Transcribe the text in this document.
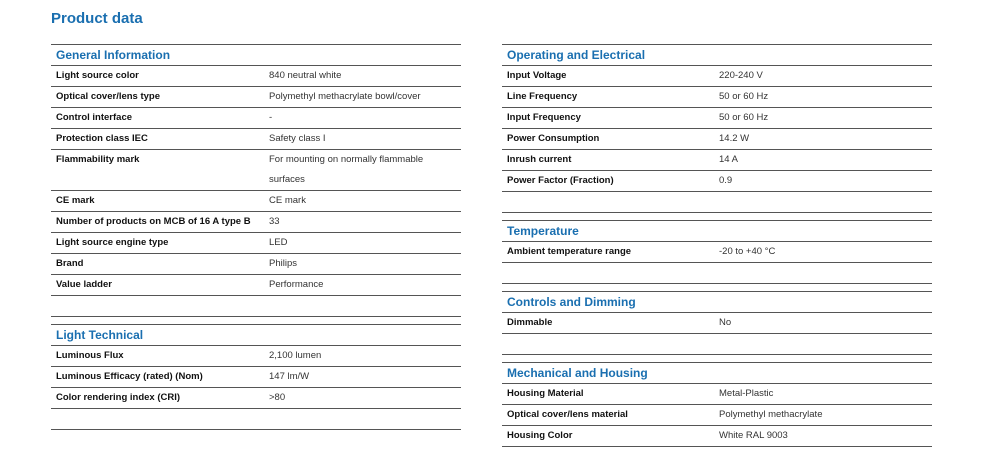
Product data
General Information
Light source color	840 neutral white
Optical cover/lens type	Polymethyl methacrylate bowl/cover
Control interface	-
Protection class IEC	Safety class I
Flammability mark	For mounting on normally flammable surfaces
CE mark	CE mark
Number of products on MCB of 16 A type B	33
Light source engine type	LED
Brand	Philips
Value ladder	Performance
Light Technical
Luminous Flux	2,100 lumen
Luminous Efficacy (rated) (Nom)	147 lm/W
Color rendering index (CRI)	>80
Operating and Electrical
Input Voltage	220-240 V
Line Frequency	50 or 60 Hz
Input Frequency	50 or 60 Hz
Power Consumption	14.2 W
Inrush current	14 A
Power Factor (Fraction)	0.9
Temperature
Ambient temperature range	-20 to +40 °C
Controls and Dimming
Dimmable	No
Mechanical and Housing
Housing Material	Metal-Plastic
Optical cover/lens material	Polymethyl methacrylate
Housing Color	White RAL 9003
